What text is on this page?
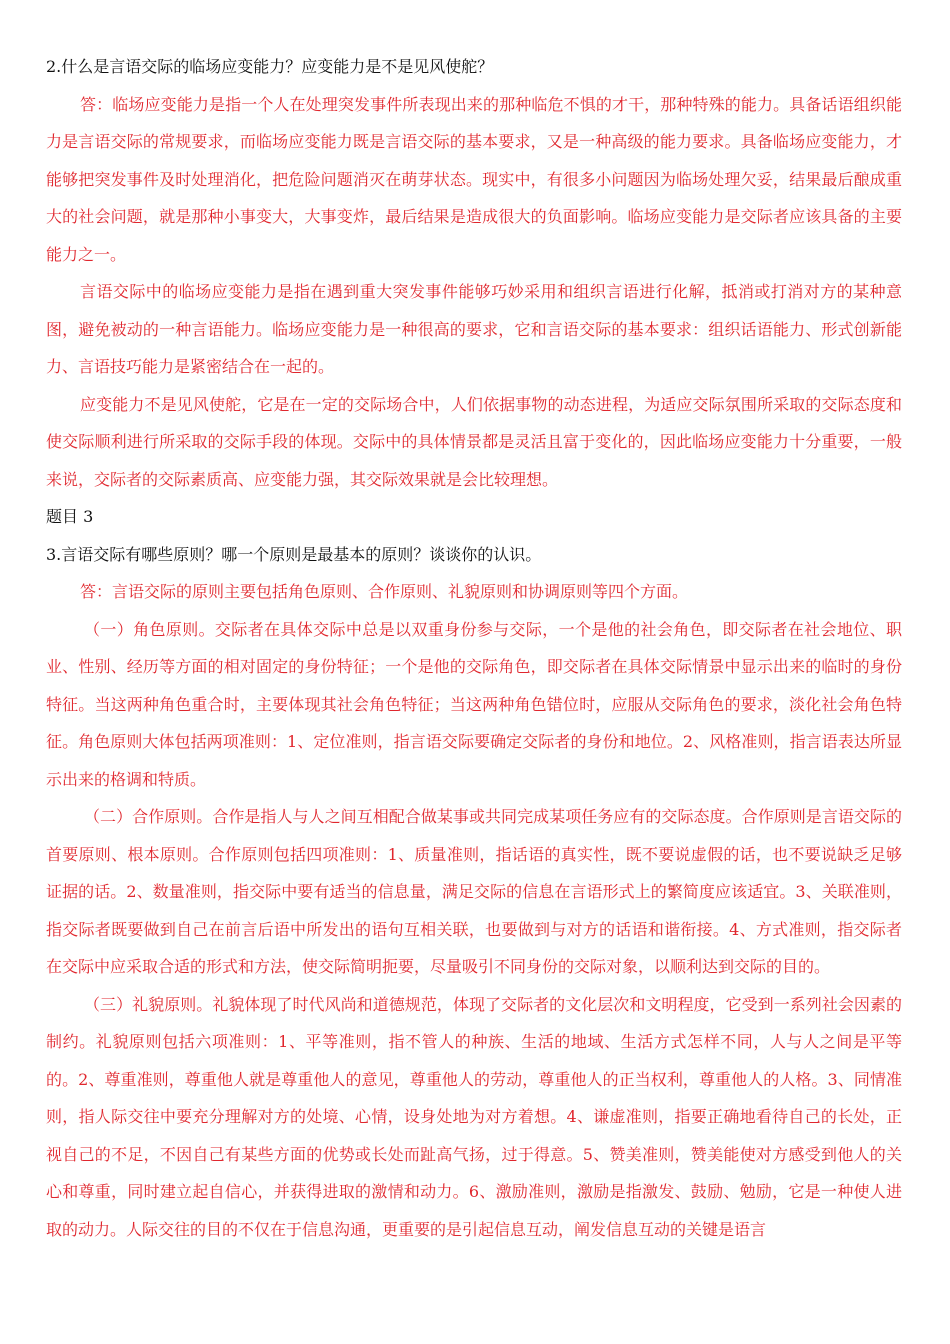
2.什么是言语交际的临场应变能力？应变能力是不是见风使舵？
答：临场应变能力是指一个人在处理突发事件所表现出来的那种临危不惧的才干，那种特殊的能力。具备话语组织能力是言语交际的常规要求，而临场应变能力既是言语交际的基本要求，又是一种高级的能力要求。具备临场应变能力，才能够把突发事件及时处理消化，把危险问题消灭在萌芽状态。现实中，有很多小问题因为临场处理欠妥，结果最后酿成重大的社会问题，就是那种小事变大，大事变炸，最后结果是造成很大的负面影响。临场应变能力是交际者应该具备的主要能力之一。
言语交际中的临场应变能力是指在遇到重大突发事件能够巧妙采用和组织言语进行化解，抵消或打消对方的某种意图，避免被动的一种言语能力。临场应变能力是一种很高的要求，它和言语交际的基本要求：组织话语能力、形式创新能力、言语技巧能力是紧密结合在一起的。
应变能力不是见风使舵，它是在一定的交际场合中，人们依据事物的动态进程，为适应交际氛围所采取的交际态度和使交际顺利进行所采取的交际手段的体现。交际中的具体情景都是灵活且富于变化的，因此临场应变能力十分重要，一般来说，交际者的交际素质高、应变能力强，其交际效果就是会比较理想。
题目 3
3.言语交际有哪些原则？哪一个原则是最基本的原则？谈谈你的认识。
答：言语交际的原则主要包括角色原则、合作原则、礼貌原则和协调原则等四个方面。
（一）角色原则。交际者在具体交际中总是以双重身份参与交际，一个是他的社会角色，即交际者在社会地位、职业、性别、经历等方面的相对固定的身份特征；一个是他的交际角色，即交际者在具体交际情景中显示出来的临时的身份特征。当这两种角色重合时，主要体现其社会角色特征；当这两种角色错位时，应服从交际角色的要求，淡化社会角色特征。角色原则大体包括两项准则：1、定位准则，指言语交际要确定交际者的身份和地位。2、风格准则，指言语表达所显示出来的格调和特质。
（二）合作原则。合作是指人与人之间互相配合做某事或共同完成某项任务应有的交际态度。合作原则是言语交际的首要原则、根本原则。合作原则包括四项准则：1、质量准则，指话语的真实性，既不要说虚假的话，也不要说缺乏足够证据的话。2、数量准则，指交际中要有适当的信息量，满足交际的信息在言语形式上的繁简度应该适宜。3、关联准则，指交际者既要做到自己在前言后语中所发出的语句互相关联，也要做到与对方的话语和谐衔接。4、方式准则，指交际者在交际中应采取合适的形式和方法，使交际简明扼要，尽量吸引不同身份的交际对象，以顺利达到交际的目的。
（三）礼貌原则。礼貌体现了时代风尚和道德规范，体现了交际者的文化层次和文明程度，它受到一系列社会因素的制约。礼貌原则包括六项准则：1、平等准则，指不管人的种族、生活的地域、生活方式怎样不同，人与人之间是平等的。2、尊重准则，尊重他人就是尊重他人的意见，尊重他人的劳动，尊重他人的正当权利，尊重他人的人格。3、同情准则，指人际交往中要充分理解对方的处境、心情，设身处地为对方着想。4、谦虚准则，指要正确地看待自己的长处，正视自己的不足，不因自己有某些方面的优势或长处而趾高气扬，过于得意。5、赞美准则，赞美能使对方感受到他人的关心和尊重，同时建立起自信心，并获得进取的激情和动力。6、激励准则，激励是指激发、鼓励、勉励，它是一种使人进取的动力。人际交往的目的不仅在于信息沟通，更重要的是引起信息互动，阐发信息互动的关键是语言
